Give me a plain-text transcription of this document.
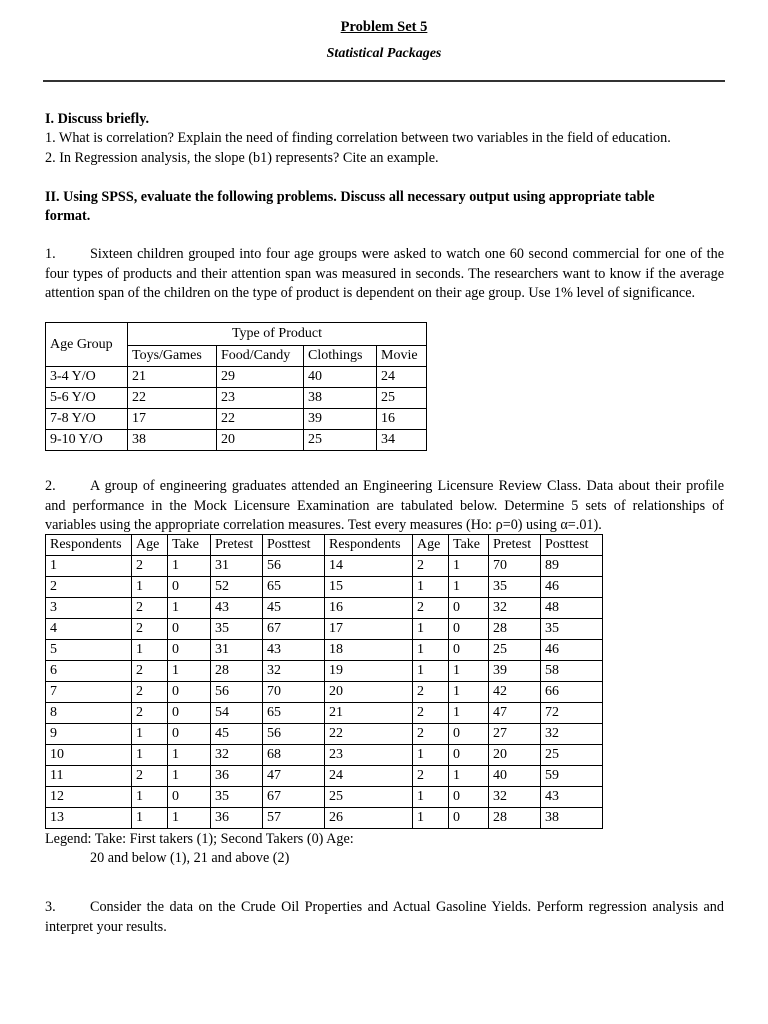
Problem Set 5
Statistical Packages
I. Discuss briefly.
1. What is correlation? Explain the need of finding correlation between two variables in the field of education.
2. In Regression analysis, the slope (b1) represents? Cite an example.
II. Using SPSS, evaluate the following problems. Discuss all necessary output using appropriate table
format.
1. Sixteen children grouped into four age groups were asked to watch one 60 second commercial for one of the four types of products and their attention span was measured in seconds. The researchers want to know if the average attention span of the children on the type of product is dependent on their age group. Use 1% level of significance.
Age Group	Type of Product			
	Toys/Games	Food/Candy	Clothings	Movie
3-4 Y/O	21	29	40	24
5-6 Y/O	22	23	38	25
7-8 Y/O	17	22	39	16
9-10 Y/O	38	20	25	34
2. A group of engineering graduates attended an Engineering Licensure Review Class. Data about their profile and performance in the Mock Licensure Examination are tabulated below. Determine 5 sets of relationships of variables using the appropriate correlation measures. Test every measures (Ho: ρ=0) using α=.01).
Respondents	Age	Take	Pretest	Posttest	Respondents	Age	Take	Pretest	Posttest
1	2	1	31	56	14	2	1	70	89
2	1	0	52	65	15	1	1	35	46
3	2	1	43	45	16	2	0	32	48
4	2	0	35	67	17	1	0	28	35
5	1	0	31	43	18	1	0	25	46
6	2	1	28	32	19	1	1	39	58
7	2	0	56	70	20	2	1	42	66
8	2	0	54	65	21	2	1	47	72
9	1	0	45	56	22	2	0	27	32
10	1	1	32	68	23	1	0	20	25
11	2	1	36	47	24	2	1	40	59
12	1	0	35	67	25	1	0	32	43
13	1	1	36	57	26	1	0	28	38
Legend: Take: First takers (1); Second Takers (0) Age:
20 and below (1), 21 and above (2)
3. Consider the data on the Crude Oil Properties and Actual Gasoline Yields. Perform regression analysis and interpret your results.
